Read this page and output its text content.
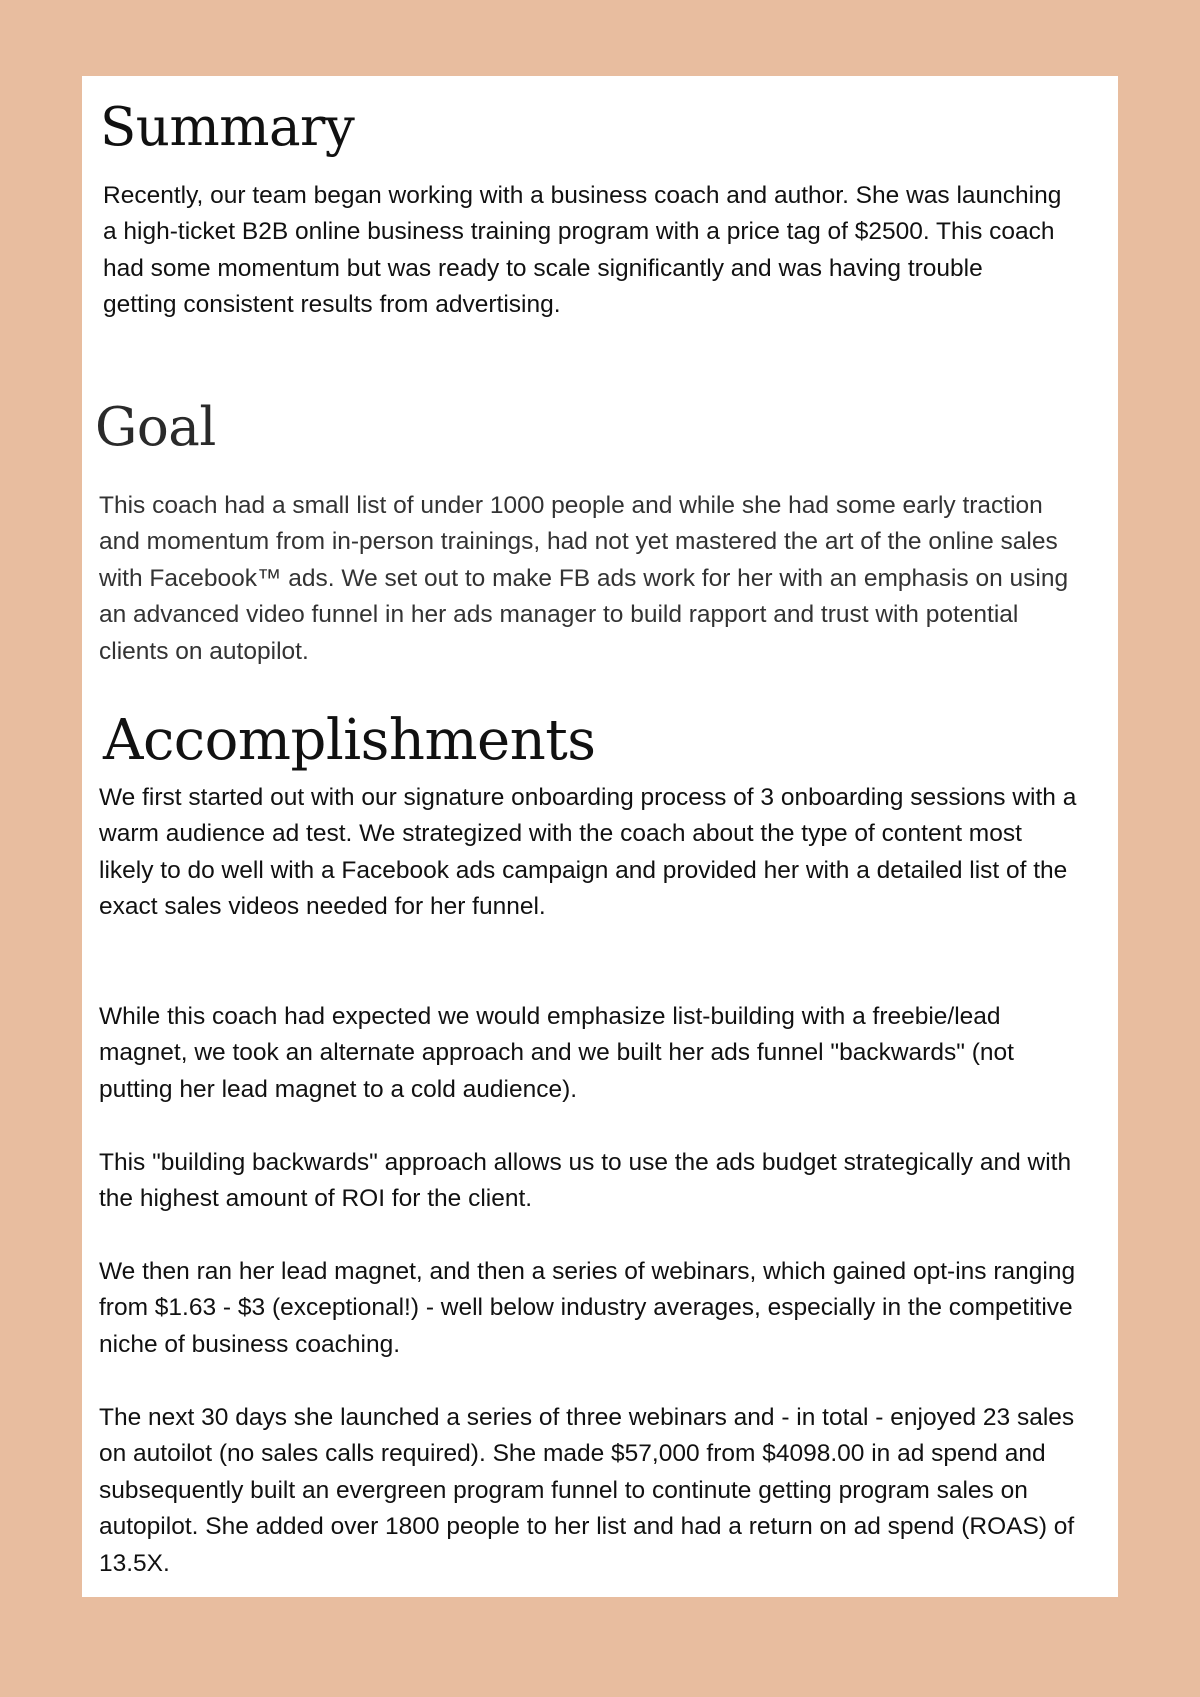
Summary

Recently, our team began working with a business coach and author. She was launching a high-ticket B2B online business training program with a price tag of $2500. This coach had some momentum but was ready to scale significantly and was having trouble getting consistent results from advertising.

Goal

This coach had a small list of under 1000 people and while she had some early traction and momentum from in-person trainings, had not yet mastered the art of the online sales with Facebook™ ads. We set out to make FB ads work for her with an emphasis on using an advanced video funnel in her ads manager to build rapport and trust with potential clients on autopilot.

Accomplishments

We first started out with our signature onboarding process of 3 onboarding sessions with a warm audience ad test. We strategized with the coach about the type of content most likely to do well with a Facebook ads campaign and provided her with a detailed list of the exact sales videos needed for her funnel.

While this coach had expected we would emphasize list-building with a freebie/lead magnet, we took an alternate approach and we built her ads funnel "backwards" (not putting her lead magnet to a cold audience).

This "building backwards" approach allows us to use the ads budget strategically and with the highest amount of ROI for the client.

We then ran her lead magnet, and then a series of webinars, which gained opt-ins ranging from $1.63 - $3 (exceptional!) - well below industry averages, especially in the competitive niche of business coaching.

The next 30 days she launched a series of three webinars and - in total - enjoyed 23 sales on autoilot (no sales calls required). She made $57,000 from $4098.00 in ad spend and subsequently built an evergreen program funnel to continute getting program sales on autopilot. She added over 1800 people to her list and had a return on ad spend (ROAS) of 13.5X.
